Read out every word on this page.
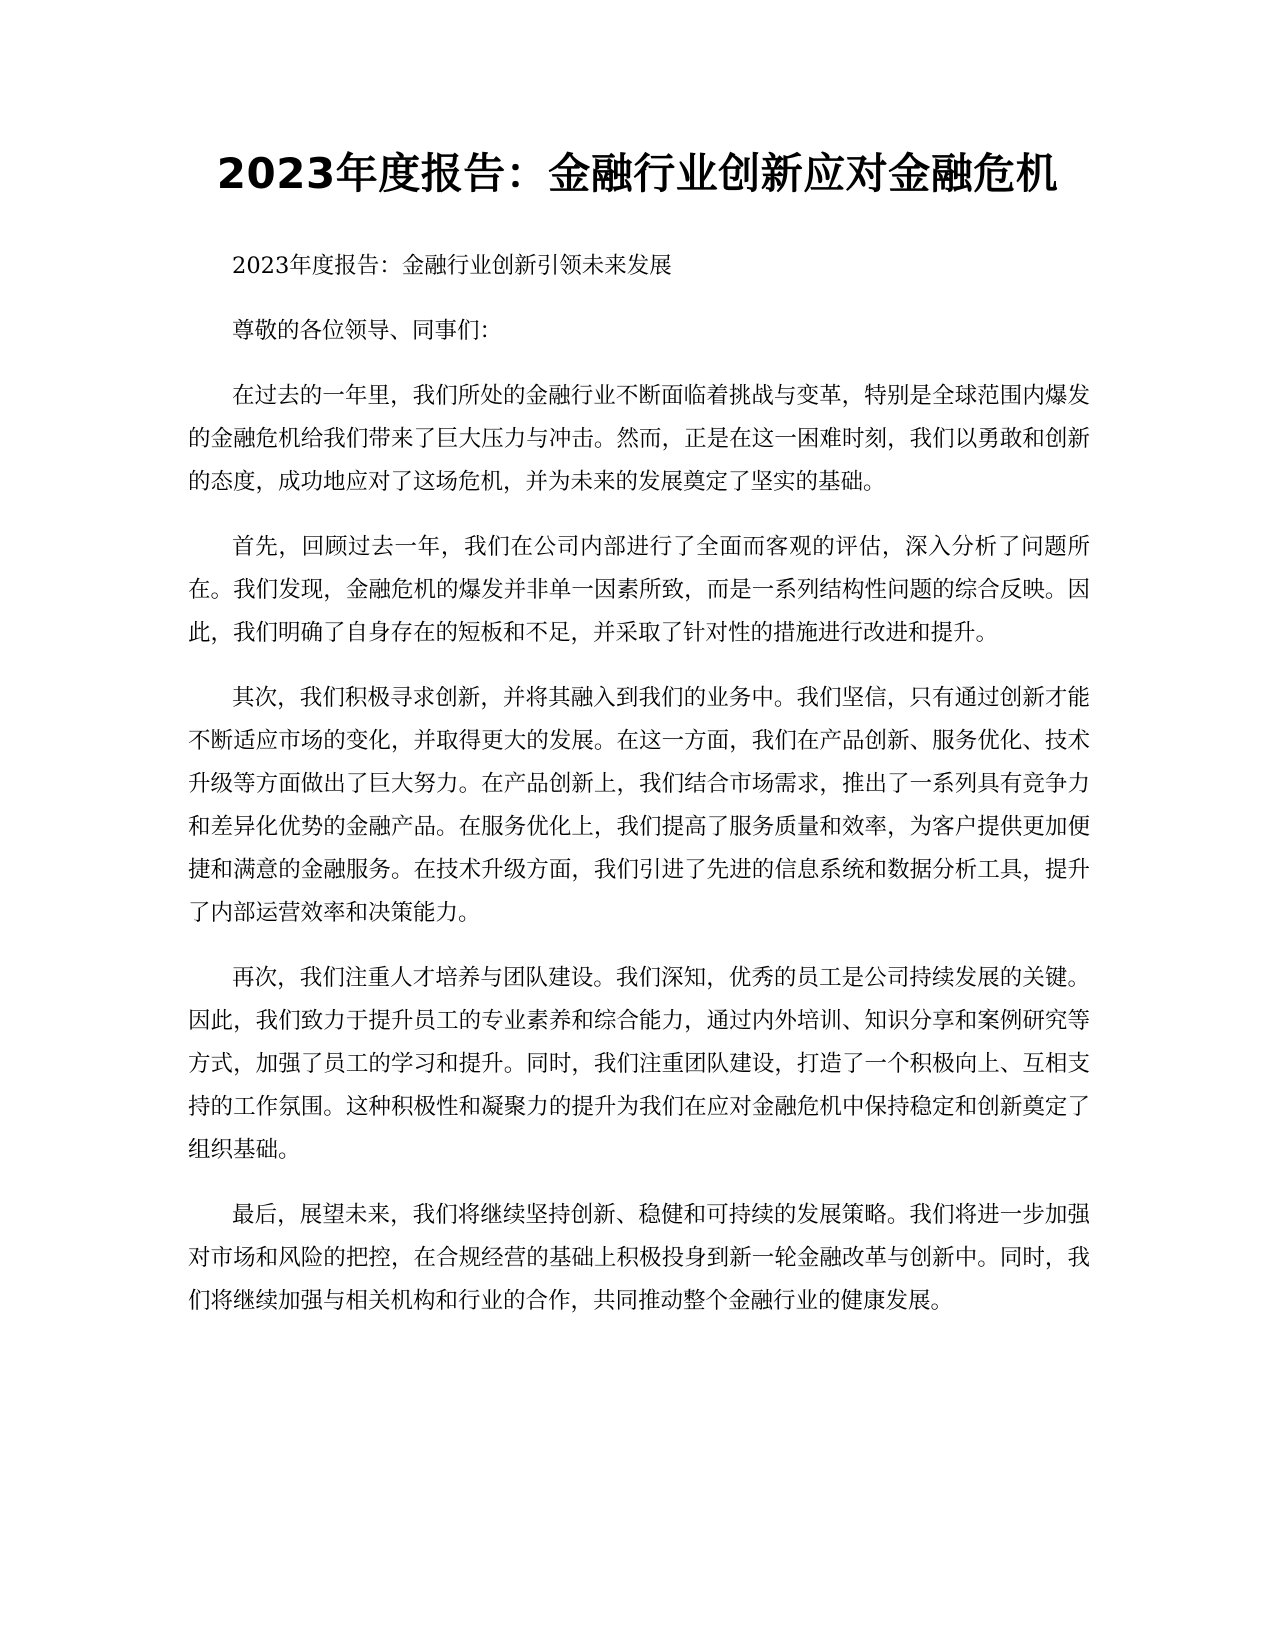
2023年度报告：金融行业创新应对金融危机

2023年度报告：金融行业创新引领未来发展

尊敬的各位领导、同事们：

在过去的一年里，我们所处的金融行业不断面临着挑战与变革，特别是全球范围内爆发的金融危机给我们带来了巨大压力与冲击。然而，正是在这一困难时刻，我们以勇敢和创新的态度，成功地应对了这场危机，并为未来的发展奠定了坚实的基础。

首先，回顾过去一年，我们在公司内部进行了全面而客观的评估，深入分析了问题所在。我们发现，金融危机的爆发并非单一因素所致，而是一系列结构性问题的综合反映。因此，我们明确了自身存在的短板和不足，并采取了针对性的措施进行改进和提升。

其次，我们积极寻求创新，并将其融入到我们的业务中。我们坚信，只有通过创新才能不断适应市场的变化，并取得更大的发展。在这一方面，我们在产品创新、服务优化、技术升级等方面做出了巨大努力。在产品创新上，我们结合市场需求，推出了一系列具有竞争力和差异化优势的金融产品。在服务优化上，我们提高了服务质量和效率，为客户提供更加便捷和满意的金融服务。在技术升级方面，我们引进了先进的信息系统和数据分析工具，提升了内部运营效率和决策能力。

再次，我们注重人才培养与团队建设。我们深知，优秀的员工是公司持续发展的关键。因此，我们致力于提升员工的专业素养和综合能力，通过内外培训、知识分享和案例研究等方式，加强了员工的学习和提升。同时，我们注重团队建设，打造了一个积极向上、互相支持的工作氛围。这种积极性和凝聚力的提升为我们在应对金融危机中保持稳定和创新奠定了组织基础。

最后，展望未来，我们将继续坚持创新、稳健和可持续的发展策略。我们将进一步加强对市场和风险的把控，在合规经营的基础上积极投身到新一轮金融改革与创新中。同时，我们将继续加强与相关机构和行业的合作，共同推动整个金融行业的健康发展。
